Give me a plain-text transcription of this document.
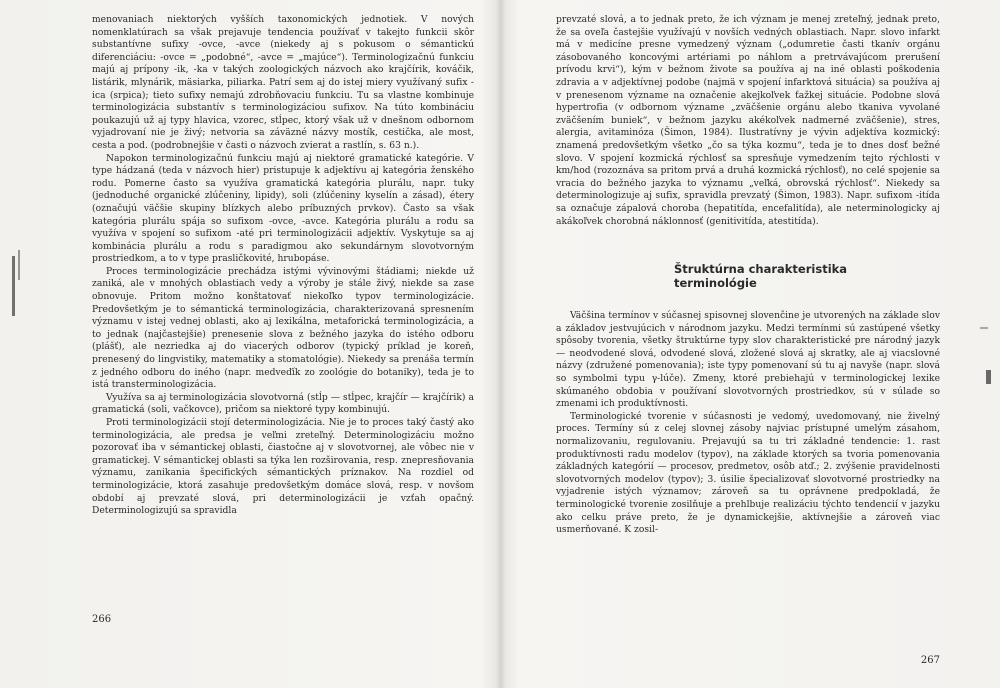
menovaniach niektorých vyšších taxonomických jednotiek. V nových nomenklatúrach sa však prejavuje tendencia používať v takejto funkcii skôr substantívne sufixy -ovce, -avce (niekedy aj s pokusom o sémantickú diferenciáciu: -ovce = „podobné“, -avce = „majúce“). Terminologizačnú funkciu majú aj prípony -ik, -ka v takých zoologických názvoch ako krajčírik, kováčik, listárik, mlynárik, mäsiarka, piliarka. Patrí sem aj do istej miery využívaný sufix -ica (srpica); tieto sufixy nemajú zdrobňovaciu funkciu. Tu sa vlastne kombinuje terminologizácia substantív s terminologizáciou sufixov. Na túto kombináciu poukazujú už aj typy hlavica, vzorec, stĺpec, ktorý však už v dnešnom odbornom vyjadrovaní nie je živý; netvoria sa záväzné názvy mostík, cestička, ale most, cesta a pod. (podrobnejšie v časti o názvoch zvierat a rastlín, s. 63 n.).

Napokon terminologizačnú funkciu majú aj niektoré gramatické kategórie. V type hádzaná (teda v názvoch hier) pristupuje k adjektívu aj kategória ženského rodu. Pomerne často sa využíva gramatická kategória plurálu, napr. tuky (jednoduché organické zlúčeniny, lipidy), soli (zlúčeniny kyselín a zásad), étery (označujú väčšie skupiny blízkych alebo príbuzných prvkov). Často sa však kategória plurálu spája so sufixom -ovce, -avce. Kategória plurálu a rodu sa využíva v spojení so sufixom -até pri terminologizácii adjektív. Vyskytuje sa aj kombinácia plurálu a rodu s paradigmou ako sekundárnym slovotvorným prostriedkom, a to v type prasličkovité, hrubopáse.

Proces terminologizácie prechádza istými vývinovými štádiami; niekde už zaniká, ale v mnohých oblastiach vedy a výroby je stále živý, niekde sa zase obnovuje. Pritom možno konštatovať niekoľko typov terminologizácie. Predovšetkým je to sémantická terminologizácia, charakterizovaná spresnením významu v istej vednej oblasti, ako aj lexikálna, metaforická terminologizácia, a to jednak (najčastejšie) prenesenie slova z bežného jazyka do istého odboru (plášť), ale nezriedka aj do viacerých odborov (typický príklad je koreň, prenesený do lingvistiky, matematiky a stomatológie). Niekedy sa prenáša termín z jedného odboru do iného (napr. medveďík zo zoológie do botaniky), teda je to istá transterminologizácia.

Využíva sa aj terminologizácia slovotvorná (stĺp — stĺpec, krajčír — krajčírik) a gramatická (soli, vačkovce), pričom sa niektoré typy kombinujú.

Proti terminologizácii stojí determinologizácia. Nie je to proces taký častý ako terminologizácia, ale predsa je veľmi zreteľný. Determinologizáciu možno pozorovať iba v sémantickej oblasti, čiastočne aj v slovotvornej, ale vôbec nie v gramatickej. V sémantickej oblasti sa týka len rozširovania, resp. znepresňovania významu, zanikania špecifických sémantických príznakov. Na rozdiel od terminologizácie, ktorá zasahuje predovšetkým domáce slová, resp. v novšom období aj prevzaté slová, pri determinologizácii je vzťah opačný. Determinologizujú sa spravidla

266

prevzaté slová, a to jednak preto, že ich význam je menej zreteľný, jednak preto, že sa oveľa častejšie využívajú v novších vedných oblastiach. Napr. slovo infarkt má v medicíne presne vymedzený význam („odumretie časti tkanív orgánu zásobovaného koncovými artériami po náhlom a pretrvávajúcom prerušení prívodu krvi“), kým v bežnom živote sa používa aj na iné oblasti poškodenia zdravia a v adjektívnej podobe (najmä v spojení infarktová situácia) sa používa aj v prenesenom význame na označenie akejkoľvek ťažkej situácie. Podobne slová hypertrofia (v odbornom význame „zväčšenie orgánu alebo tkaniva vyvolané zväčšením buniek“, v bežnom jazyku akékoľvek nadmerné zväčšenie), stres, alergia, avitaminóza (Šimon, 1984). Ilustratívny je vývin adjektíva kozmický: znamená predovšetkým všetko „čo sa týka kozmu“, teda je to dnes dosť bežné slovo. V spojení kozmická rýchlosť sa spresňuje vymedzením tejto rýchlosti v km/hod (rozoznáva sa pritom prvá a druhá kozmická rýchlosť), no celé spojenie sa vracia do bežného jazyka to významu „veľká, obrovská rýchlosť“. Niekedy sa determinologizuje aj sufix, spravidla prevzatý (Šimon, 1983). Napr. sufixom -itída sa označuje zápalová choroba (hepatitída, encefalitída), ale neterminologicky aj akákoľvek chorobná náklonnosť (genitivitída, atestitída).

Štruktúrna charakteristika terminológie

Väčšina termínov v súčasnej spisovnej slovenčine je utvorených na základe slov a základov jestvujúcich v národnom jazyku. Medzi termínmi sú zastúpené všetky spôsoby tvorenia, všetky štruktúrne typy slov charakteristické pre národný jazyk — neodvodené slová, odvodené slová, zložené slová aj skratky, ale aj viacslovné názvy (združené pomenovania); iste typy pomenovaní sú tu aj navyše (napr. slová so symbolmi typu γ-lúče). Zmeny, ktoré prebiehajú v terminologickej lexike skúmaného obdobia v používaní slovotvorných prostriedkov, sú v súlade so zmenami ich produktívnosti.

Terminologické tvorenie v súčasnosti je vedomý, uvedomovaný, nie živelný proces. Termíny sú z celej slovnej zásoby najviac prístupné umelým zásahom, normalizovaniu, regulovaniu. Prejavujú sa tu tri základné tendencie: 1. rast produktívnosti radu modelov (typov), na základe ktorých sa tvoria pomenovania základných kategórií — procesov, predmetov, osôb atď.; 2. zvýšenie pravidelnosti slovotvorných modelov (typov); 3. úsilie špecializovať slovotvorné prostriedky na vyjadrenie istých významov; zároveň sa tu oprávnene predpokladá, že terminologické tvorenie zosilňuje a prehlbuje realizáciu týchto tendencií v jazyku ako celku práve preto, že je dynamickejšie, aktívnejšie a zároveň viac usmerňované. K zosil-

267
